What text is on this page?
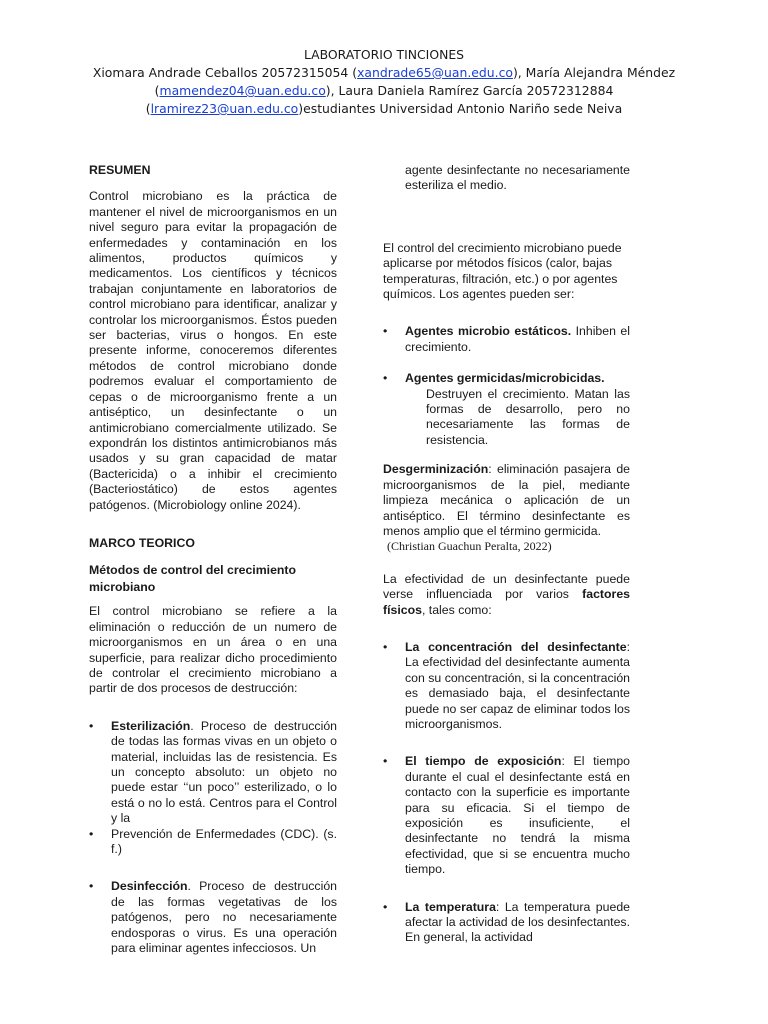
LABORATORIO TINCIONES
Xiomara Andrade Ceballos 20572315054 (xandrade65@uan.edu.co), María Alejandra Méndez
(mamendez04@uan.edu.co), Laura Daniela Ramírez García 20572312884
(lramirez23@uan.edu.co)estudiantes Universidad Antonio Nariño sede Neiva

RESUMEN

Control microbiano es la práctica de mantener el nivel de microorganismos en un nivel seguro para evitar la propagación de enfermedades y contaminación en los alimentos, productos químicos y medicamentos. Los científicos y técnicos trabajan conjuntamente en laboratorios de control microbiano para identificar, analizar y controlar los microorganismos. Éstos pueden ser bacterias, virus o hongos. En este presente informe, conoceremos diferentes métodos de control microbiano donde podremos evaluar el comportamiento de cepas o de microorganismo frente a un antiséptico, un desinfectante o un antimicrobiano comercialmente utilizado. Se expondrán los distintos antimicrobianos más usados y su gran capacidad de matar (Bactericida) o a inhibir el crecimiento (Bacteriostático) de estos agentes patógenos. (Microbiology online 2024).

MARCO TEORICO

Métodos de control del crecimiento microbiano

El control microbiano se refiere a la eliminación o reducción de un numero de microorganismos en un área o en una superficie, para realizar dicho procedimiento de controlar el crecimiento microbiano a partir de dos procesos de destrucción:

• Esterilización. Proceso de destrucción de todas las formas vivas en un objeto o material, incluidas las de resistencia. Es un concepto absoluto: un objeto no puede estar ‘‘un poco’’ esterilizado, o lo está o no lo está. Centros para el Control y la
• Prevención de Enfermedades (CDC). (s. f.)
• Desinfección. Proceso de destrucción de las formas vegetativas de los patógenos, pero no necesariamente endosporas o virus. Es una operación para eliminar agentes infecciosos. Un

agente desinfectante no necesariamente esteriliza el medio.

El control del crecimiento microbiano puede aplicarse por métodos físicos (calor, bajas temperaturas, filtración, etc.) o por agentes químicos. Los agentes pueden ser:

• Agentes microbio estáticos. Inhiben el crecimiento.
• Agentes germicidas/microbicidas.
Destruyen el crecimiento. Matan las formas de desarrollo, pero no necesariamente las formas de resistencia.

Desgerminización: eliminación pasajera de microorganismos de la piel, mediante limpieza mecánica o aplicación de un antiséptico. El término desinfectante es menos amplio que el término germicida.
(Christian Guachun Peralta, 2022)

La efectividad de un desinfectante puede verse influenciada por varios factores físicos, tales como:

• La concentración del desinfectante: La efectividad del desinfectante aumenta con su concentración, si la concentración es demasiado baja, el desinfectante puede no ser capaz de eliminar todos los microorganismos.
• El tiempo de exposición: El tiempo durante el cual el desinfectante está en contacto con la superficie es importante para su eficacia. Si el tiempo de exposición es insuficiente, el desinfectante no tendrá la misma efectividad, que si se encuentra mucho tiempo.
• La temperatura: La temperatura puede afectar la actividad de los desinfectantes. En general, la actividad
